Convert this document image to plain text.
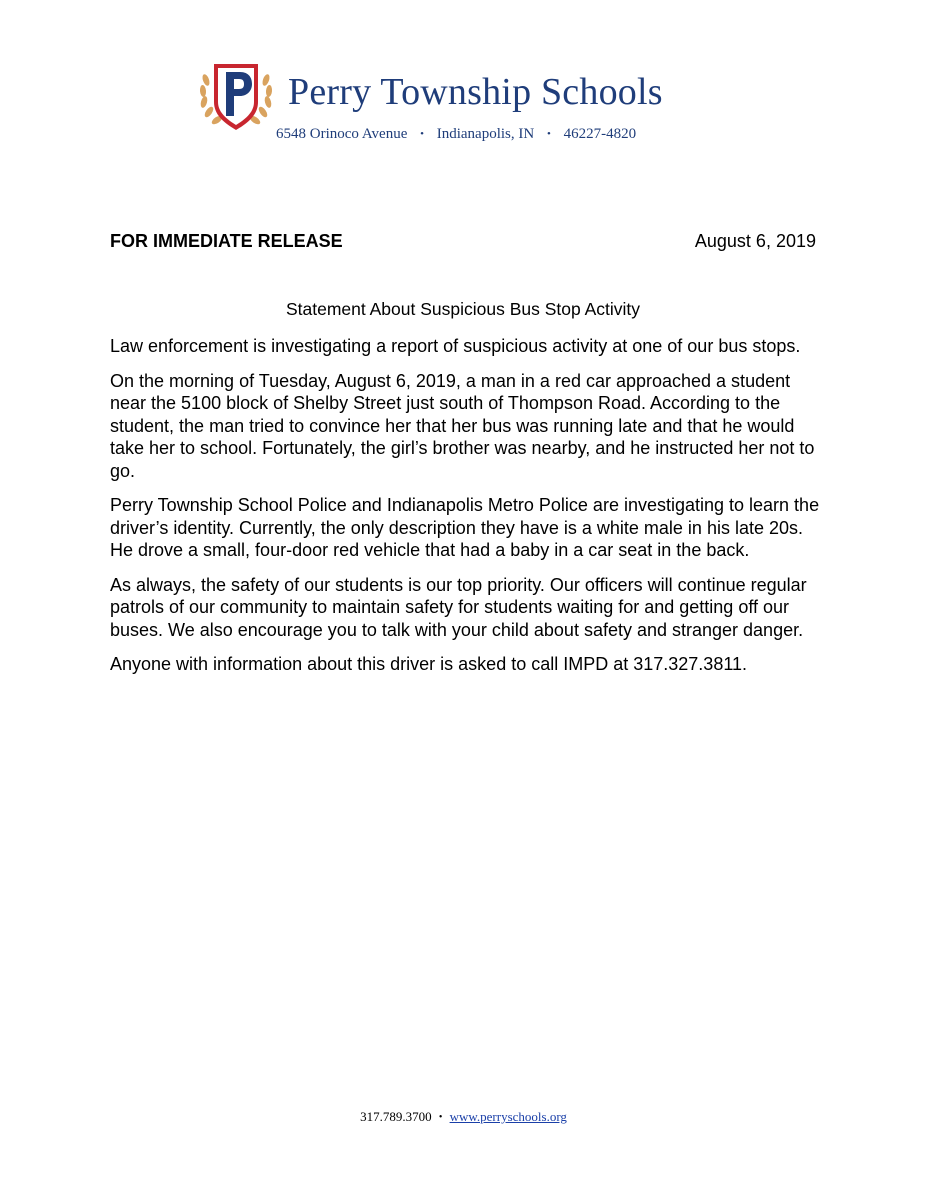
Perry Township Schools
6548 Orinoco Avenue • Indianapolis, IN • 46227-4820
FOR IMMEDIATE RELEASE	August 6, 2019
Statement About Suspicious Bus Stop Activity

Law enforcement is investigating a report of suspicious activity at one of our bus stops.

On the morning of Tuesday, August 6, 2019, a man in a red car approached a student near the 5100 block of Shelby Street just south of Thompson Road. According to the student, the man tried to convince her that her bus was running late and that he would take her to school. Fortunately, the girl’s brother was nearby, and he instructed her not to go.

Perry Township School Police and Indianapolis Metro Police are investigating to learn the driver’s identity. Currently, the only description they have is a white male in his late 20s. He drove a small, four-door red vehicle that had a baby in a car seat in the back.

As always, the safety of our students is our top priority. Our officers will continue regular patrols of our community to maintain safety for students waiting for and getting off our buses. We also encourage you to talk with your child about safety and stranger danger.

Anyone with information about this driver is asked to call IMPD at 317.327.3811.

317.789.3700 • www.perryschools.org
